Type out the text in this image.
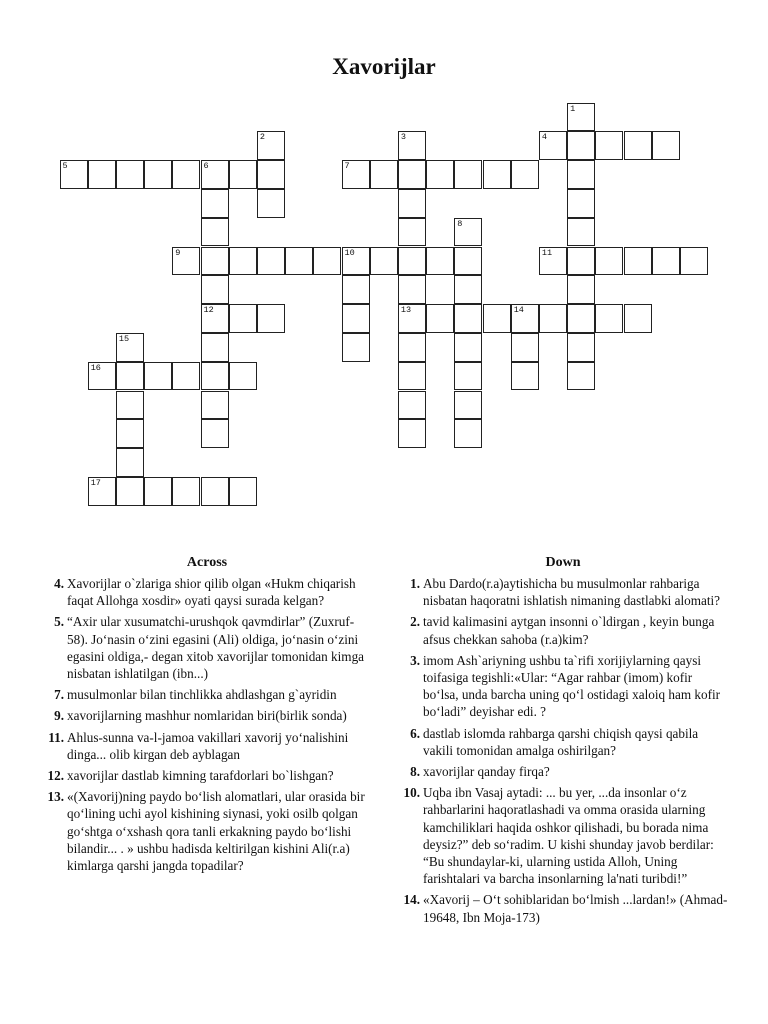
Xavorijlar
1
2	3
13
4
5	6
12
7
8
9	10	11
14
15
16
17
Across
4. Xavorijlar o`zlariga shior qilib olgan «Hukm chiqarish faqat Allohga xosdir» oyati qaysi surada kelgan?
5. “Axir ular xusumatchi-urushqok qavmdirlar” (Zuxruf-58). Jo‘nasin o‘zini egasini (Ali) oldiga, jo‘nasin o‘zini egasini oldiga,- degan xitob xavorijlar tomonidan kimga nisbatan ishlatilgan (ibn...)
7. musulmonlar bilan tinchlikka ahdlashgan g`ayridin
9. xavorijlarning mashhur nomlaridan biri(birlik sonda)
11. Ahlus-sunna va-l-jamoa vakillari xavorij yo‘nalishini dinga... olib kirgan deb ayblagan
12. xavorijlar dastlab kimning tarafdorlari bo`lishgan?
13. «(Xavorij)ning paydo bo‘lish alomatlari, ular orasida bir qo‘lining uchi ayol kishining siynasi, yoki osilb qolgan go‘shtga o‘xshash qora tanli erkakning paydo bo‘lishi bilandir... . » ushbu hadisda keltirilgan kishini Ali(r.a) kimlarga qarshi jangda topadilar?
Down
1. Abu Dardo(r.a)aytishicha bu musulmonlar rahbariga nisbatan haqoratni ishlatish nimaning dastlabki alomati?
2. tavid kalimasini aytgan insonni o`ldirgan , keyin bunga afsus chekkan sahoba (r.a)kim?
3. imom Ash`ariyning ushbu ta`rifi xorijiylarning qaysi toifasiga tegishli:«Ular: “Agar rahbar (imom) kofir bo‘lsa, unda barcha uning qo‘l ostidagi xaloiq ham kofir bo‘ladi” deyishar edi. ?
6. dastlab islomda rahbarga qarshi chiqish qaysi qabila vakili tomonidan amalga oshirilgan?
8. xavorijlar qanday firqa?
10. Uqba ibn Vasaj aytadi: ... bu yer, ...da insonlar o‘z rahbarlarini haqoratlashadi va omma orasida ularning kamchiliklari haqida oshkor qilishadi, bu borada nima deysiz?” deb so‘radim. U kishi shunday javob berdilar: “Bu shundaylar-ki, ularning ustida Alloh, Uning farishtalari va barcha insonlarning la'nati turibdi!”
14. «Xavorij – O‘t sohiblaridan bo‘lmish ...lardan!» (Ahmad-19648, Ibn Moja-173)
